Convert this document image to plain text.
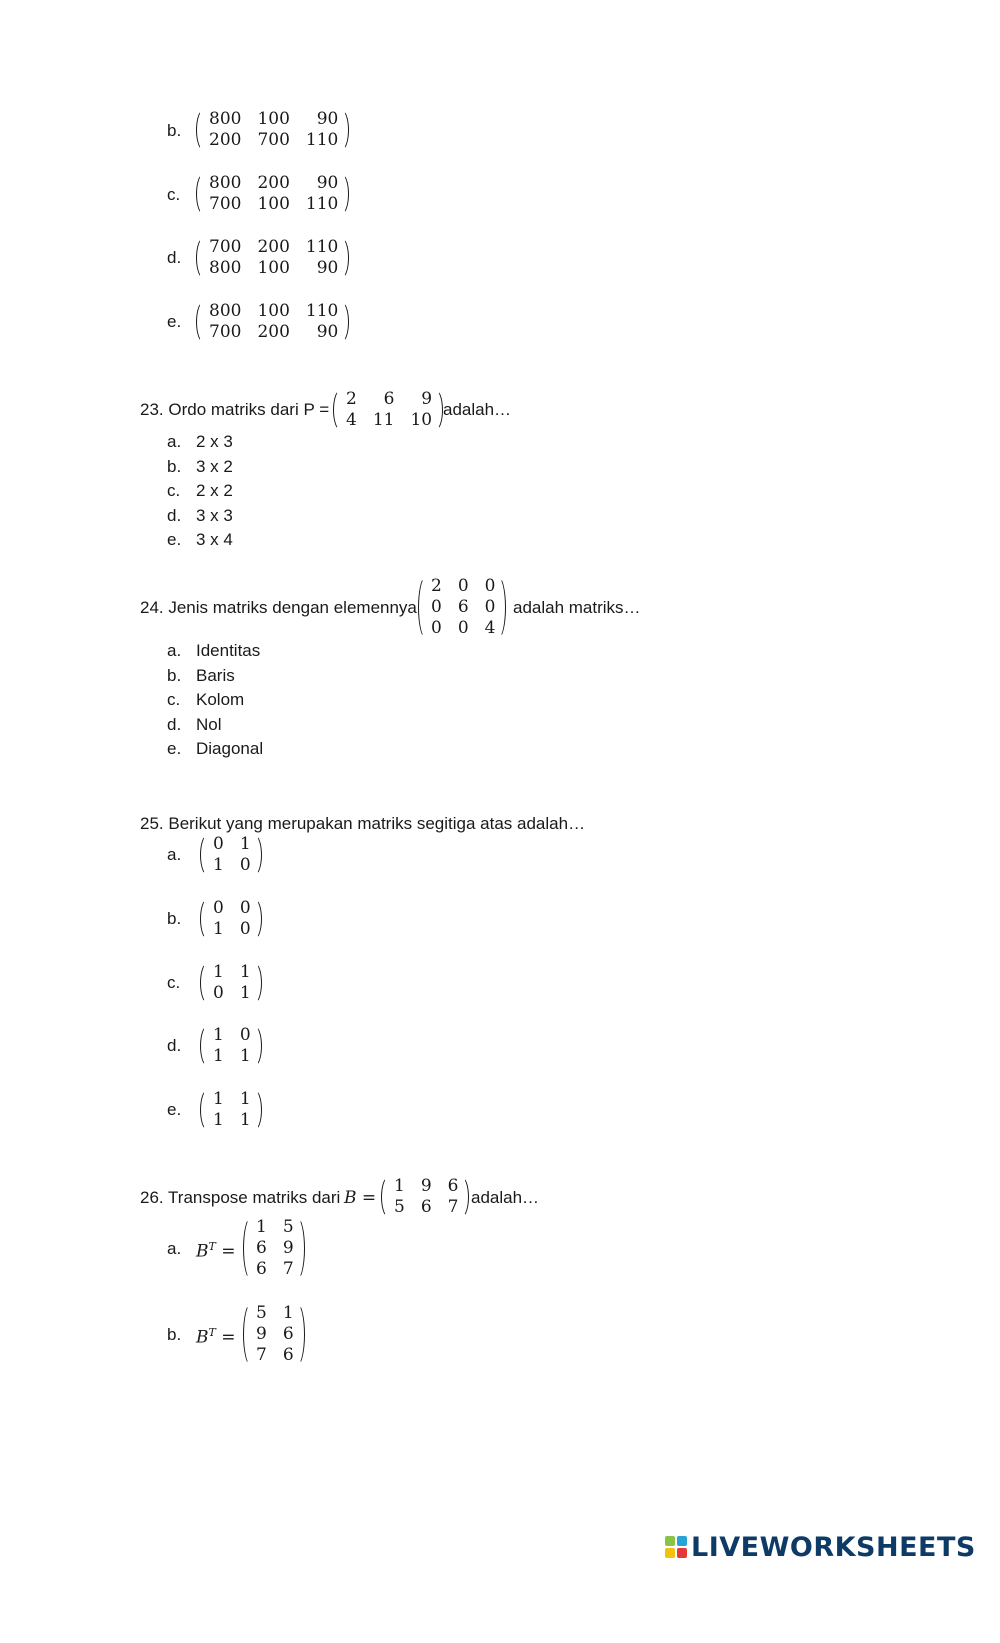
b.
800	100	90
200	700	110
c.
800	200	90
700	100	110
d.
700	200	110
800	100	90
e.
800	100	110
700	200	90
23. Ordo matriks dari P =
2	6	9
4	11	10
adalah…
a. 2 x 3
b. 3 x 2
c. 2 x 2
d. 3 x 3
e. 3 x 4
24. Jenis matriks dengan elemennya
2	0	0
0	6	0
0	0	4
adalah matriks…
a. Identitas
b. Baris
c. Kolom
d. Nol
e. Diagonal
25. Berikut yang merupakan matriks segitiga atas adalah…
a.
0	1
1	0
b.
0	0
1	0
c.
1	1
0	1
d.
1	0
1	1
e.
1	1
1	1
26. Transpose matriks dari B =
1	9	6
5	6	7 adalah…
a. $B^T$ =
1	5
6	9
6	7
b. $B^T$ =
5	1
9	6
7	6
LIVEWORKSHEETS
